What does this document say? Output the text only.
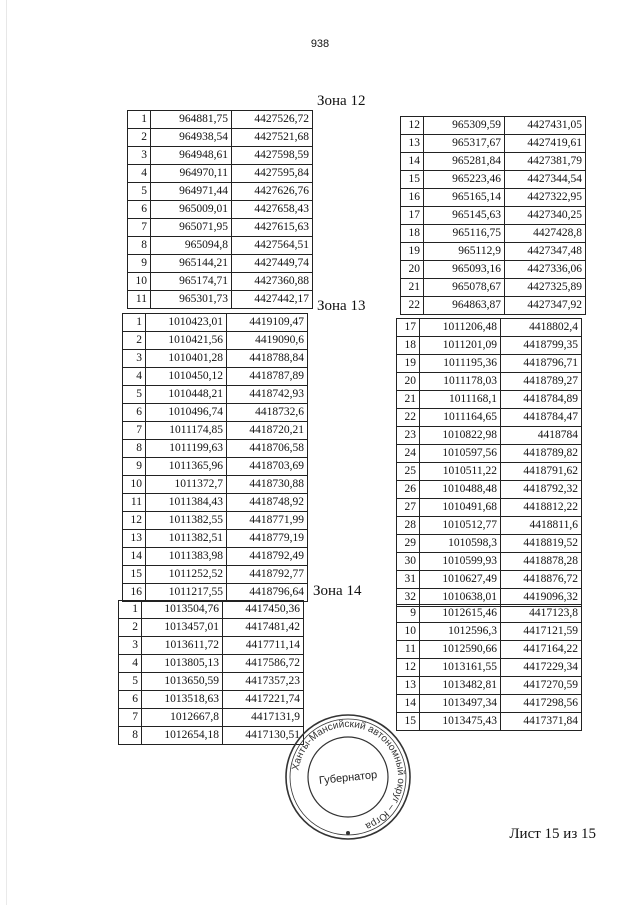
938
Зона 12
1	964881,75	4427526,72
2	964938,54	4427521,68
3	964948,61	4427598,59
4	964970,11	4427595,84
5	964971,44	4427626,76
6	965009,01	4427658,43
7	965071,95	4427615,63
8	965094,8	4427564,51
9	965144,21	4427449,74
10	965174,71	4427360,88
11	965301,73	4427442,17
12	965309,59	4427431,05
13	965317,67	4427419,61
14	965281,84	4427381,79
15	965223,46	4427344,54
16	965165,14	4427322,95
17	965145,63	4427340,25
18	965116,75	4427428,8
19	965112,9	4427347,48
20	965093,16	4427336,06
21	965078,67	4427325,89
22	964863,87	4427347,92
Зона 13
1	1010423,01	4419109,47
2	1010421,56	4419090,6
3	1010401,28	4418788,84
4	1010450,12	4418787,89
5	1010448,21	4418742,93
6	1010496,74	4418732,6
7	1011174,85	4418720,21
8	1011199,63	4418706,58
9	1011365,96	4418703,69
10	1011372,7	4418730,88
11	1011384,43	4418748,92
12	1011382,55	4418771,99
13	1011382,51	4418779,19
14	1011383,98	4418792,49
15	1011252,52	4418792,77
16	1011217,55	4418796,64
17	1011206,48	4418802,4
18	1011201,09	4418799,35
19	1011195,36	4418796,71
20	1011178,03	4418789,27
21	1011168,1	4418784,89
22	1011164,65	4418784,47
23	1010822,98	4418784
24	1010597,56	4418789,82
25	1010511,22	4418791,62
26	1010488,48	4418792,32
27	1010491,68	4418812,22
28	1010512,77	4418811,6
29	1010598,3	4418819,52
30	1010599,93	4418878,28
31	1010627,49	4418876,72
32	1010638,01	4419096,32
Зона 14
1	1013504,76	4417450,36
2	1013457,01	4417481,42
3	1013611,72	4417711,14
4	1013805,13	4417586,72
5	1013650,59	4417357,23
6	1013518,63	4417221,74
7	1012667,8	4417131,9
8	1012654,18	4417130,51
9	1012615,46	4417123,8
10	1012596,3	4417121,59
11	1012590,66	4417164,22
12	1013161,55	4417229,34
13	1013482,81	4417270,59
14	1013497,34	4417298,56
15	1013475,43	4417371,84
Ханты-Мансийский автономный округ – Югра
Губернатор
Лист 15 из 15
